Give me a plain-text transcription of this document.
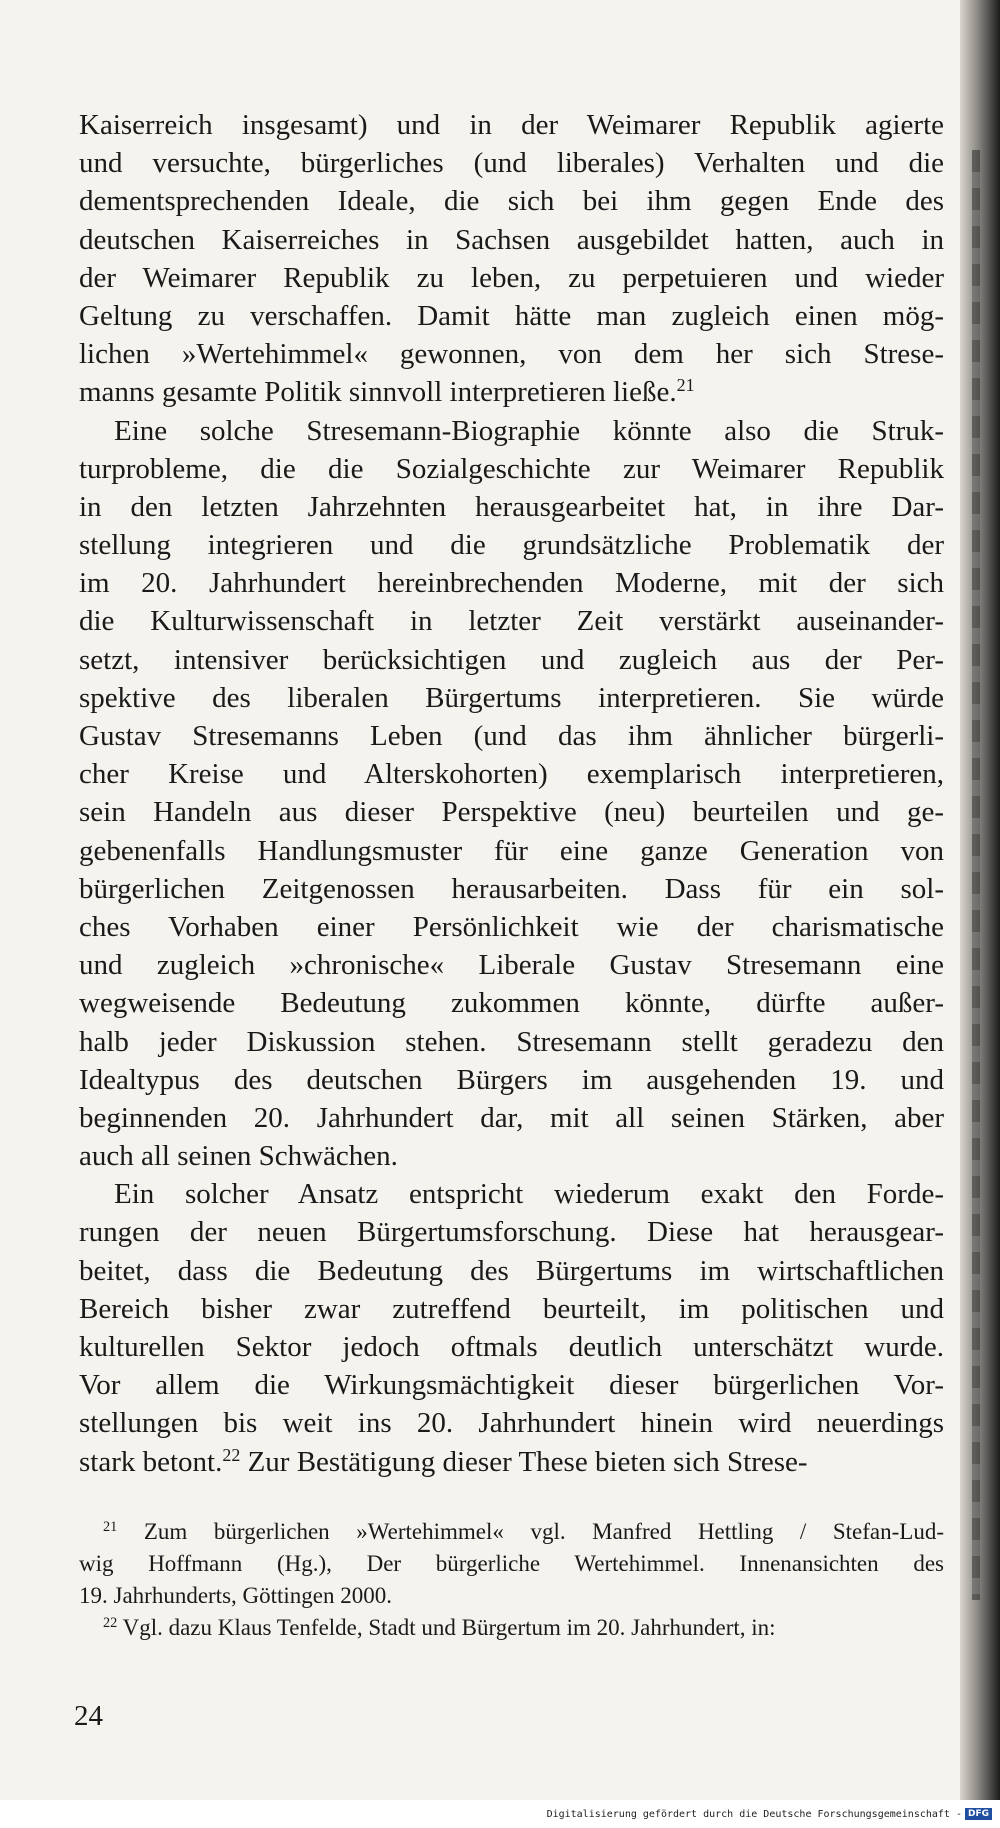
Kaiserreich insgesamt) und in der Weimarer Republik agierte
und versuchte, bürgerliches (und liberales) Verhalten und die
dementsprechenden Ideale, die sich bei ihm gegen Ende des
deutschen Kaiserreiches in Sachsen ausgebildet hatten, auch in
der Weimarer Republik zu leben, zu perpetuieren und wieder
Geltung zu verschaffen. Damit hätte man zugleich einen mög-
lichen »Wertehimmel« gewonnen, von dem her sich Strese-
manns gesamte Politik sinnvoll interpretieren ließe.$^{21}$
Eine solche Stresemann-Biographie könnte also die Struk-
turprobleme, die die Sozialgeschichte zur Weimarer Republik
in den letzten Jahrzehnten herausgearbeitet hat, in ihre Dar-
stellung integrieren und die grundsätzliche Problematik der
im 20. Jahrhundert hereinbrechenden Moderne, mit der sich
die Kulturwissenschaft in letzter Zeit verstärkt auseinander-
setzt, intensiver berücksichtigen und zugleich aus der Per-
spektive des liberalen Bürgertums interpretieren. Sie würde
Gustav Stresemanns Leben (und das ihm ähnlicher bürgerli-
cher Kreise und Alterskohorten) exemplarisch interpretieren,
sein Handeln aus dieser Perspektive (neu) beurteilen und ge-
gebenenfalls Handlungsmuster für eine ganze Generation von
bürgerlichen Zeitgenossen herausarbeiten. Dass für ein sol-
ches Vorhaben einer Persönlichkeit wie der charismatische
und zugleich »chronische« Liberale Gustav Stresemann eine
wegweisende Bedeutung zukommen könnte, dürfte außer-
halb jeder Diskussion stehen. Stresemann stellt geradezu den
Idealtypus des deutschen Bürgers im ausgehenden 19. und
beginnenden 20. Jahrhundert dar, mit all seinen Stärken, aber
auch all seinen Schwächen.
Ein solcher Ansatz entspricht wiederum exakt den Forde-
rungen der neuen Bürgertumsforschung. Diese hat herausgear-
beitet, dass die Bedeutung des Bürgertums im wirtschaftlichen
Bereich bisher zwar zutreffend beurteilt, im politischen und
kulturellen Sektor jedoch oftmals deutlich unterschätzt wurde.
Vor allem die Wirkungsmächtigkeit dieser bürgerlichen Vor-
stellungen bis weit ins 20. Jahrhundert hinein wird neuerdings
stark betont.$^{22}$ Zur Bestätigung dieser These bieten sich Strese-
$^{21}$ Zum bürgerlichen »Wertehimmel« vgl. Manfred Hettling / Stefan-Lud-
wig Hoffmann (Hg.), Der bürgerliche Wertehimmel. Innenansichten des
19. Jahrhunderts, Göttingen 2000.
$^{22}$ Vgl. dazu Klaus Tenfelde, Stadt und Bürgertum im 20. Jahrhundert, in:
24
Digitalisierung gefördert durch die Deutsche Forschungsgemeinschaft - DFG
